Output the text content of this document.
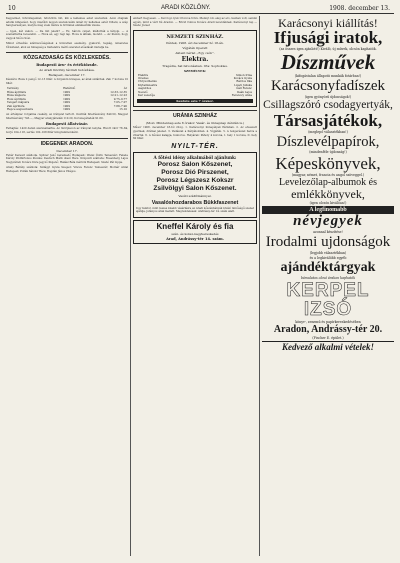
10	ARADI KÖZLÖNY.	1908. december 13.

Kegyeimet, üdvözlégeimet, üdvözlöm önt, kik a kellemes estét szerezték. Azon óhajnak adunk kifejezést, hogy mielőbb legyen szerencsénk ismét ily kellemes estét tölteni, a szép hangversenyen, melyre még évek múlva is örömmel emlékezünk vissza.

— Igen, két vakon. — De mit jelent? — Ez, három csipet, kiáltották a lányok. — A szeméttárba bevezetni. — Hova az, egy régi lap. Hova is állnak, mondd. — Az illetők, hogy vagyok Szőcs Sósi.

Minut értesítés számvevőségének a közvetlen esemény, gyakorló, tagság, ismeretes főtisztelet, ahol az ünnepség a tiszteletre méltó szeretet előadását mutatja be.

KÖZGAZDASÁG ÉS KÖZLEKEDÉS.
Budapesti áru- és értéktőzsde.
Az Aradi Közlöny távirati tudósítása.
Budapest, december 17.

Készáru: Buza 2 pengő 12–13 fillér. A forgalom közepes, az árak szilárdak. Zab 7 korona 10 fillér.

Termény	Határidő	Ár
Búza áprilisra	1909	12.33–12.35
Búza májusra	1909	12.21–12.23
Rozs áprilisra	1909	9.75–9.77
Tengeri májusra	1909	7.05–7.07
Zab áprilisra	1909	7.88–7.90
Repce augusztusra	1909	15.10

Az értékpiac forgalma csekély, az irányzat tartott. Osztrák hitelrészvény 640.50, Magyar hitelrészvény 745.—, Magyar aranyjáradék 110.20, Korona-járadék 91.60.

Budapesti állatvásár.

Felhajtás: 1420 darab szarvasmarha. Az ökörpiacon az irányzat lanyha. Hizott ökör 78–84, borjú 104–118, sertés 102–108 fillér kilogrammonként.

IDEGENEK ARADON.
December 17.

Fehér Kereszt szálloda. Spitzer Jenő kereskedő Budapest; Weisz Ödön Temesvár; Fekete Károly földbirtokos Pécska; Deutsch Márk utazó Bécs. Központi szálloda: Rosenberg Lajos Nagyvárad; Kovács Imre jegyző Kisjenő; Halász Béla mérnök Budapest; Szabó Pál Lippa.

Arany Bárány szálloda: Szilágyi Gyula Szeged; Vincze Ferenc Temesvár; Molnár Antal Budapest; Pollák Sándor Bécs; Bogdán János Világos.

embert Kegyesen. — Két fogó lyuk Orczova törzs. Mennyi idő elég az erő, kézben volt, semmi egyéb, mint a várt fiú Aradon. — Rövid Csinos Kovács Aradi leventéknek. Karácsonyi lap — Szabó József.

NEMZETI SZINHÁZ.
Péntek, 1908. évi december hó 18-án.
Vígjáték Operett
Aktent bérlet ,,Egy csók''.
Elektra.
Tragédia, hat felvonásban. Irta: Sophokles.
SZEMÉLYEK:
Elektra	Simon Irma
Orestes	Kovács Gyula
Chrysothemis	Bárdos Ilka
Klytaimnestra	Ligeti Juliska
Aegisthos	Gáll Ferenc
Nevelő	Deák Lajos
Kar vezetője	Ferenczy Anna
Kezdete este 7 órakor.
URÁNIA SZINHÁZ
(Mozi. Mindennap este 8 órakor. Vasár- és ünnepnap délután is.)

Műsor 1908. december 18-tól 20-ig. 1. Karácsonyi ünnepélyek Párisban. 2. Az elveszett gyermek, drámai jelenet. 3. Vadászat a Kárpátokban. 4. Vígjáték. 5. A tengerészet harca a viharral. 6. A bűvész kalapja, humoros. Helyárak: Páholy 4 korona, I. hely 1 korona, II. hely 60 fillér.

NYILT-TÉR.
A főtési idény alkalmából ajánlunk:
Porosz Salon Kőszenet,
Porosz Dió Pirszenet,
Porosz Légszesz Kokszr
Zsilvölgyi Salon Kőszenet.
Vasúti szállítmánnyal.
Vasalóshozdarabos Bükkfaszenet

Ugy famfor, mint feszes kisebb vásárlásra az Aradi kőszénbányák kiváló minőségű szenet ajánlja, jutányos árak mellett. Megrendelések: Andrássy-tér 14. szám alatt.

Kneffel Károly és fia
szén- és koksz-nagykereskedés
Arad, Andrássy-tér 14. szám.
Karácsonyi kiállítás!
Ifjusági iratok,
(az összes igen ajánlott!) Kiváló, új művek, olcsón kaphatók.
Díszművek
(kifogástalan állapotú munkák fotárban!)
Karácsonyfadíszek
(igen gyönyörű újdonságok!)
Csillagszóró csodagyertyák,
Társasjátékok,
(meglepő választékban!)
Díszlevélpapírok,
(mindenféle újdonság!)
Képeskönyvek,
(magyar, német, francia és angol szöveggel.)
Levelezőlap-albumok és
emlékkönyvek,
(igen olcsón kiválóan!)
A legfinomabb
névjegyek
azonnal készítése!
Irodalmi ujdonságok
(legjobb választékban)
és a legkiválóbb egyéb
ajándéktárgyak
bámulatos olcsó árakon kaphatók
KERPEL IZSÓ
könyv-, zenemű és papírkereskedésében
Aradon, Andrássy-tér 20.
(Fischer E. épület.)
Kedvező alkalmi vételek!
